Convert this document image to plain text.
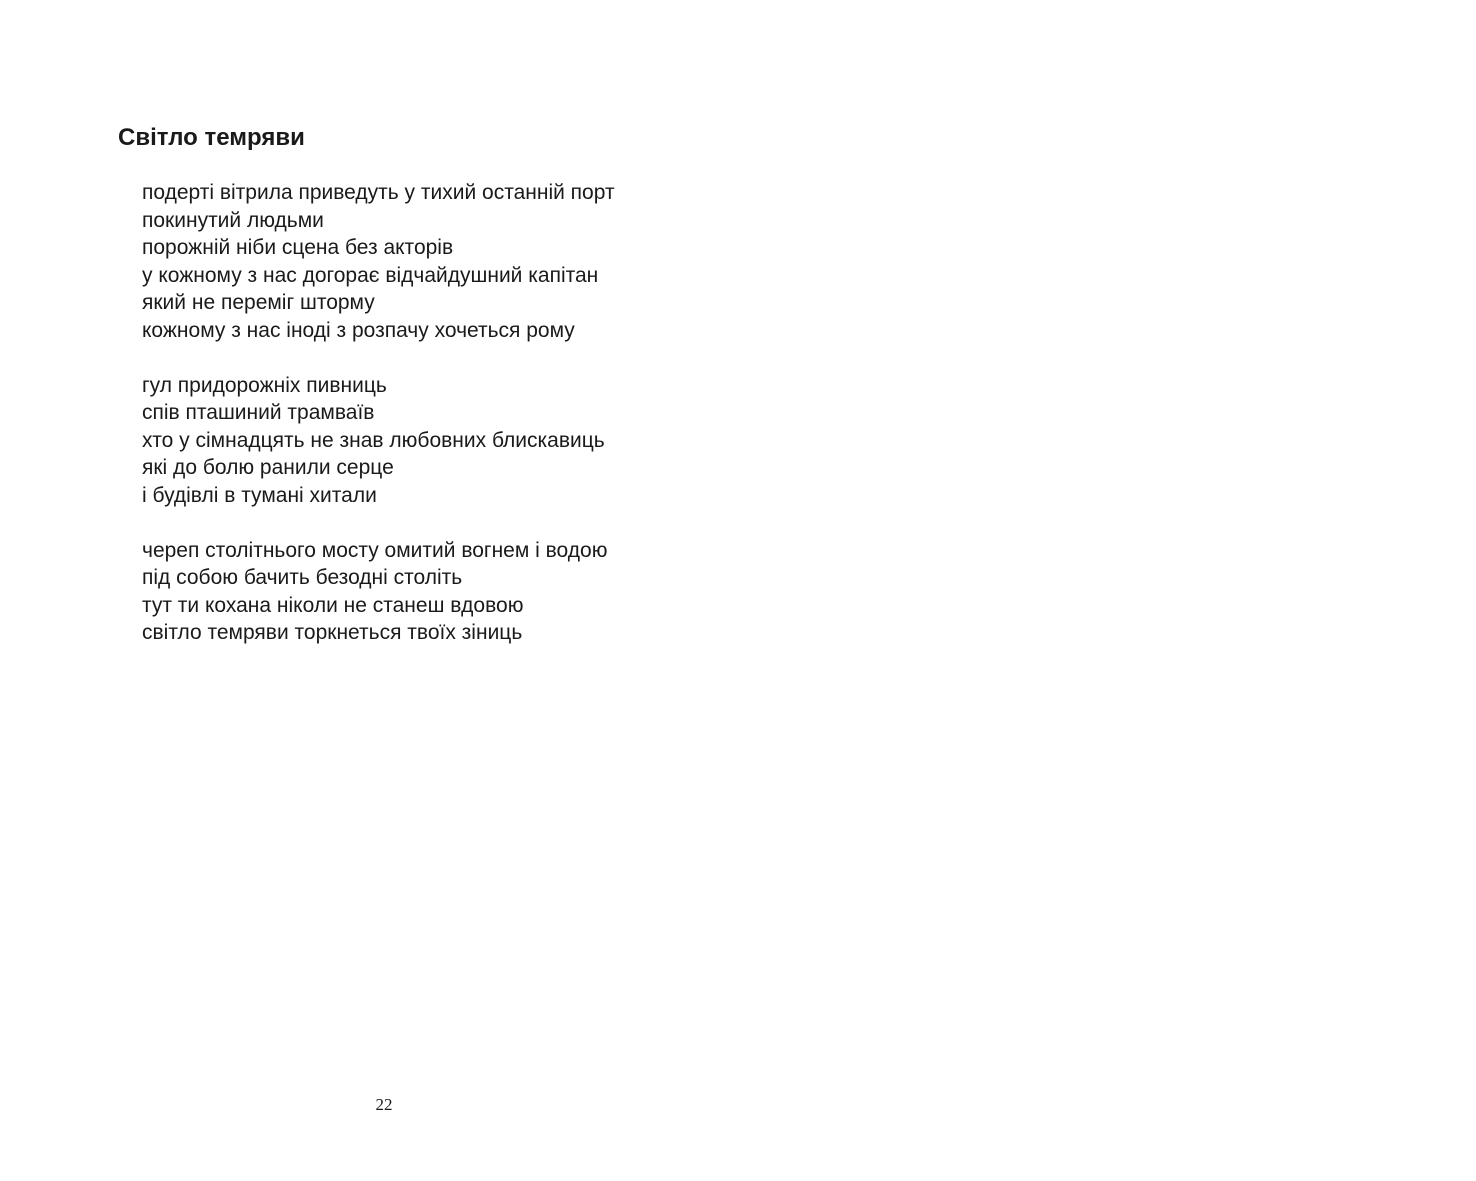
Світло темряви
подерті вітрила приведуть у тихий останній порт
покинутий людьми
порожній ніби сцена без акторів
у кожному з нас догорає відчайдушний капітан
який не переміг шторму
кожному з нас іноді з розпачу хочеться рому
гул придорожніх пивниць
спів пташиний трамваїв
хто у сімнадцять не знав любовних блискавиць
які до болю ранили серце
і будівлі в тумані хитали
череп столітнього мосту омитий вогнем і водою
під собою бачить безодні століть
тут ти кохана ніколи не станеш вдовою
світло темряви торкнеться твоїх зіниць
22
